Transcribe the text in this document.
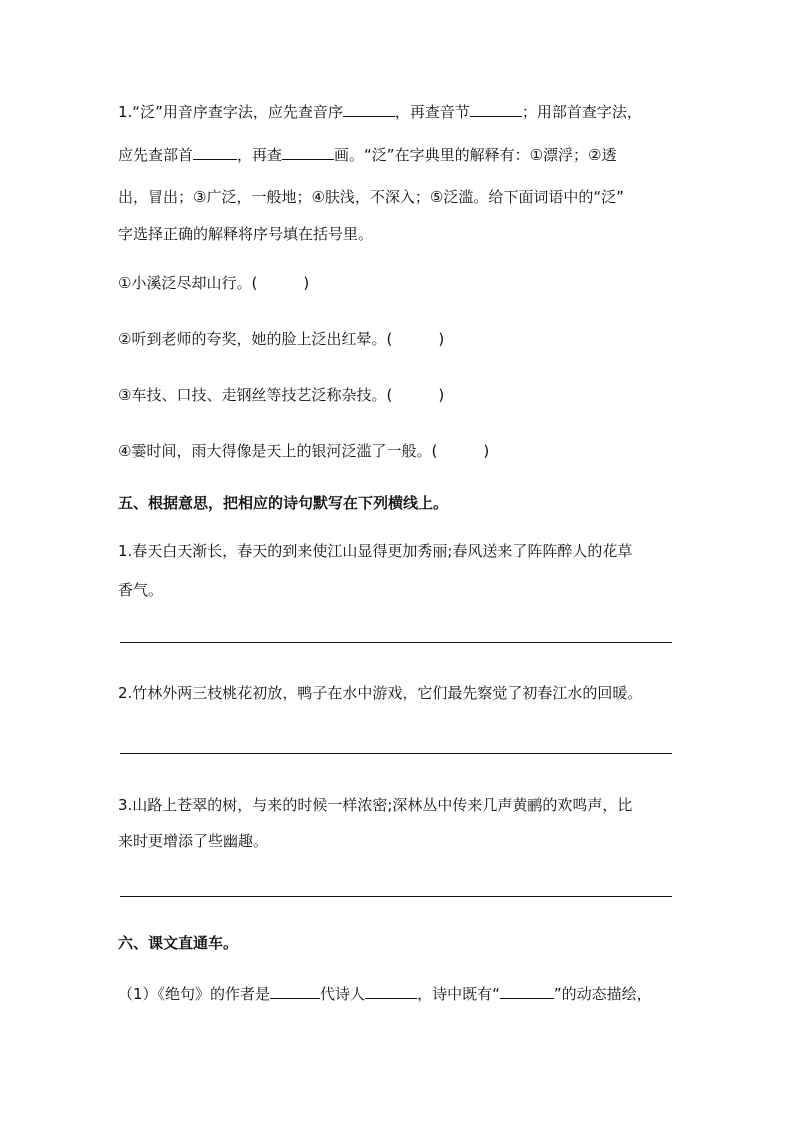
1.“泛”用音序查字法，应先查音序	，再查音节	；用部首查字法，
应先查部首	，再查	画。“泛”在字典里的解释有：①漂浮；②透
出，冒出；③广泛，一般地；④肤浅，不深入；⑤泛滥。给下面词语中的“泛”
字选择正确的解释将序号填在括号里。
①小溪泛尽却山行。(	)
②听到老师的夸奖，她的脸上泛出红晕。(	)
③车技、口技、走钢丝等技艺泛称杂技。(	)
④霎时间，雨大得像是天上的银河泛滥了一般。(	)
五、根据意思，把相应的诗句默写在下列横线上。
1.春天白天渐长，春天的到来使江山显得更加秀丽;春风送来了阵阵醉人的花草
香气。
2.竹林外两三枝桃花初放，鸭子在水中游戏，它们最先察觉了初春江水的回暖。
3.山路上苍翠的树，与来的时候一样浓密;深林丛中传来几声黄鹂的欢鸣声，比
来时更增添了些幽趣。
六、课文直通车。
（1）《绝句》的作者是	代诗人	，诗中既有“	”的动态描绘，
